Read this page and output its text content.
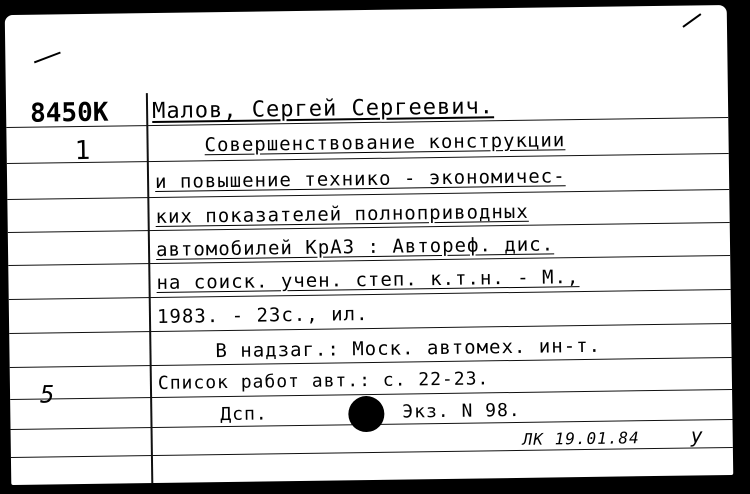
8450K
1
5
Малов, Сергей Сергеевич.
Совершенствование конструкции
и повышение технико - экономичес-
ких показателей полноприводных
автомобилей КрАЗ : Автореф. дис.
на соиск. учен. степ. к.т.н. - М.,
1983. - 23с., ил.
В надзаг.: Моск. автомех. ин-т.
Список работ авт.: с. 22-23.
Дсп.	Экз. N 98.
ЛК 19.01.84	у
